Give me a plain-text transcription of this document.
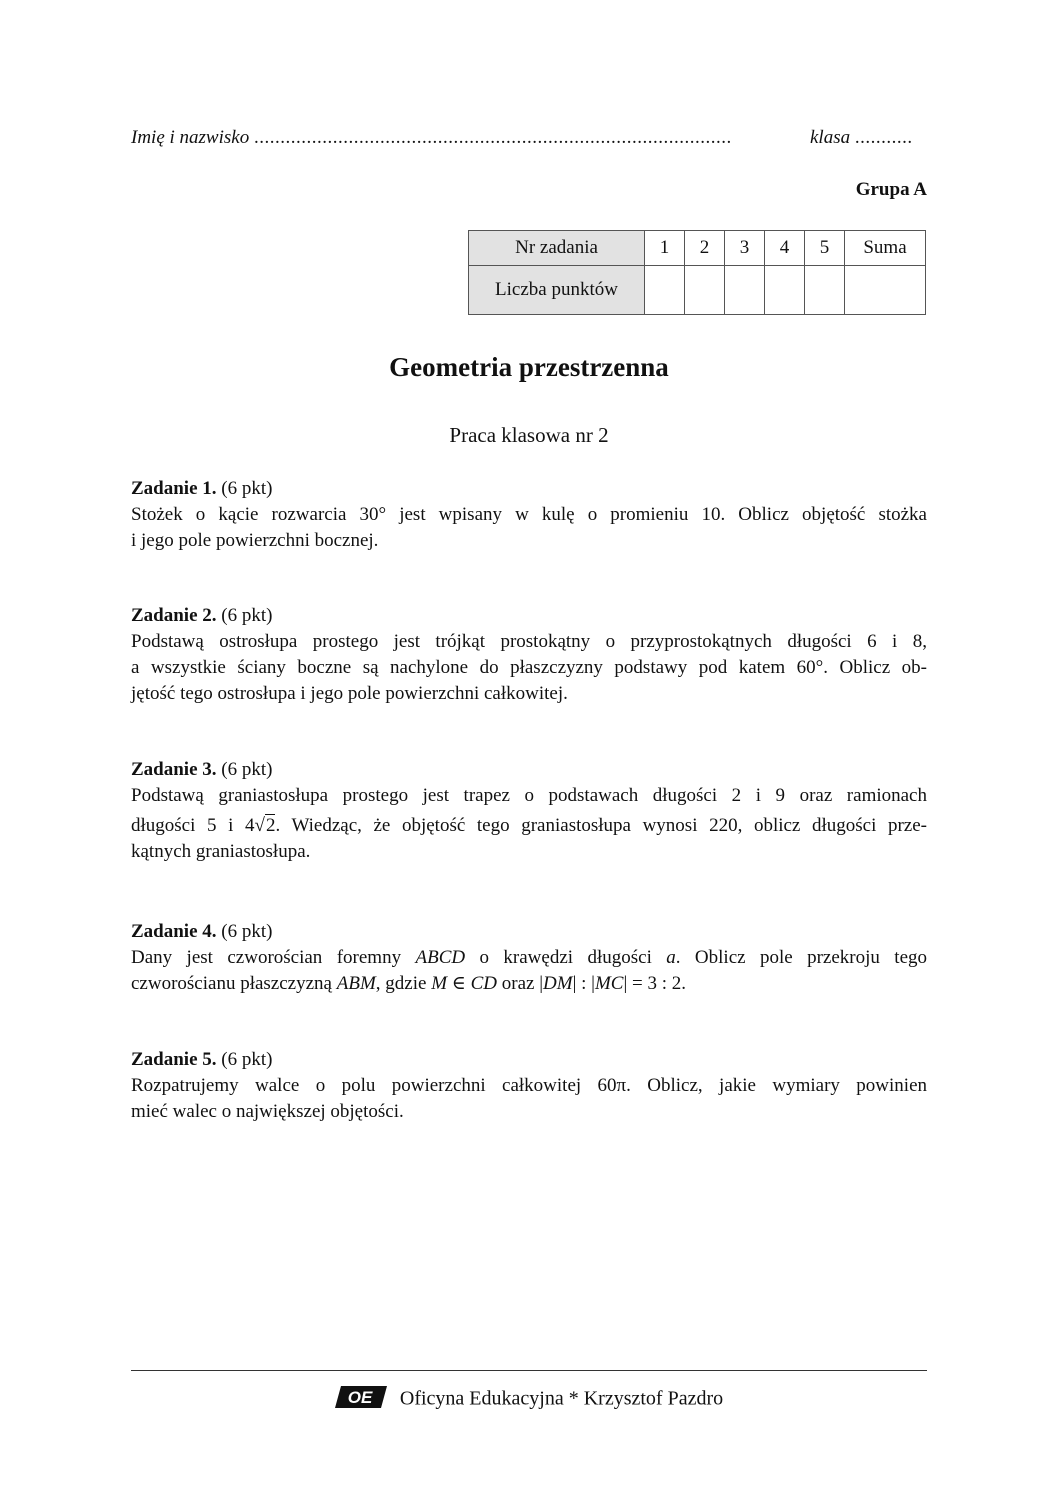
Imię i nazwisko ...........................................................................................	klasa ...........
Grupa A
Nr zadania	1	2	3	4	5	Suma
Liczba punktów						
Geometria przestrzenna
Praca klasowa nr 2
Zadanie 1. (6 pkt)
Stożek o kącie rozwarcia 30° jest wpisany w kulę o promieniu 10. Oblicz objętość stożka
i jego pole powierzchni bocznej.
Zadanie 2. (6 pkt)
Podstawą ostrosłupa prostego jest trójkąt prostokątny o przyprostokątnych długości 6 i 8,
a wszystkie ściany boczne są nachylone do płaszczyzny podstawy pod katem 60°. Oblicz ob-
jętość tego ostrosłupa i jego pole powierzchni całkowitej.
Zadanie 3. (6 pkt)
Podstawą graniastosłupa prostego jest trapez o podstawach długości 2 i 9 oraz ramionach
długości 5 i 4√2. Wiedząc, że objętość tego graniastosłupa wynosi 220, oblicz długości prze-
kątnych graniastosłupa.
Zadanie 4. (6 pkt)
Dany jest czworościan foremny ABCD o krawędzi długości a. Oblicz pole przekroju tego
czworościanu płaszczyzną ABM, gdzie M ∈ CD oraz |DM| : |MC| = 3 : 2.
Zadanie 5. (6 pkt)
Rozpatrujemy walce o polu powierzchni całkowitej 60π. Oblicz, jakie wymiary powinien
mieć walec o największej objętości.
OE Oficyna Edukacyjna * Krzysztof Pazdro
